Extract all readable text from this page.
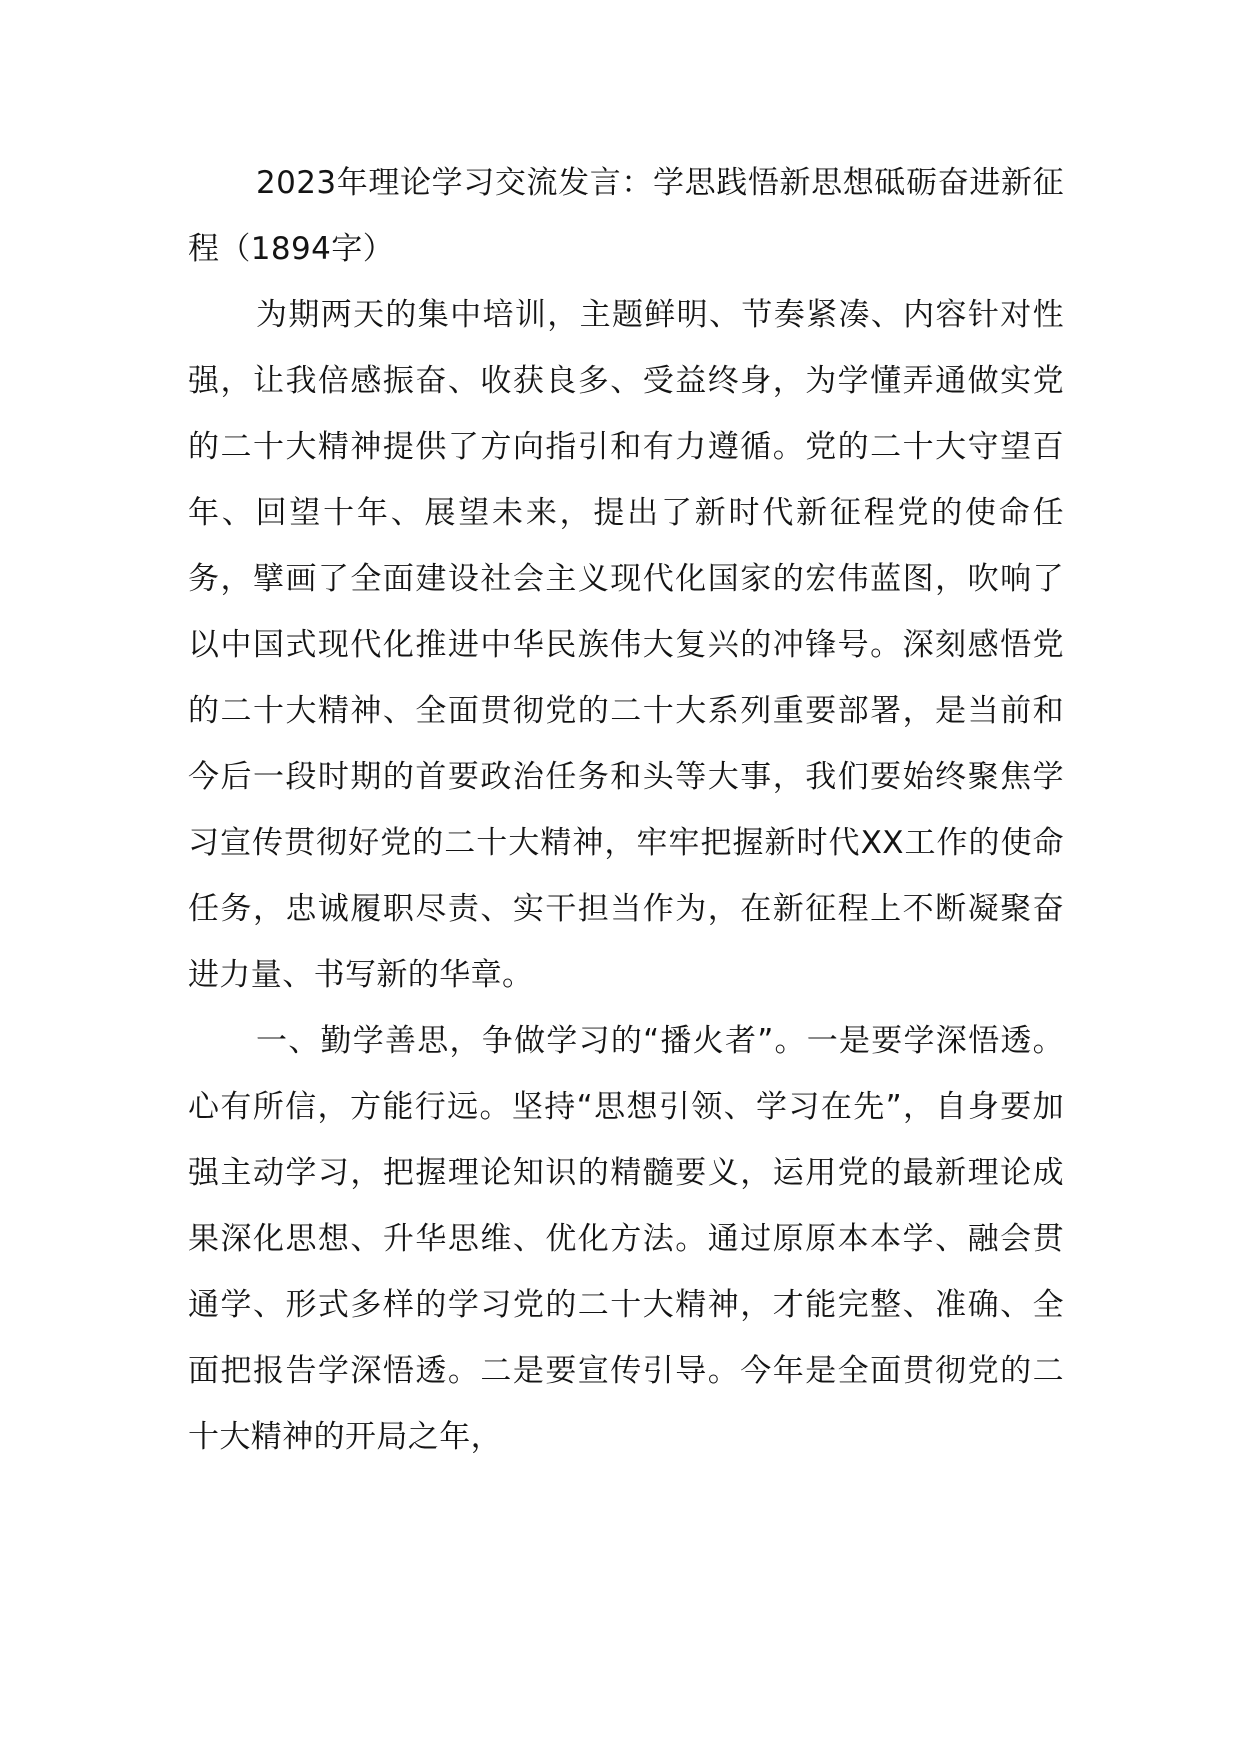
2023年理论学习交流发言：学思践悟新思想砥砺奋进新征程（1894字）

为期两天的集中培训，主题鲜明、节奏紧凑、内容针对性强，让我倍感振奋、收获良多、受益终身，为学懂弄通做实党的二十大精神提供了方向指引和有力遵循。党的二十大守望百年、回望十年、展望未来，提出了新时代新征程党的使命任务，擘画了全面建设社会主义现代化国家的宏伟蓝图，吹响了以中国式现代化推进中华民族伟大复兴的冲锋号。深刻感悟党的二十大精神、全面贯彻党的二十大系列重要部署，是当前和今后一段时期的首要政治任务和头等大事，我们要始终聚焦学习宣传贯彻好党的二十大精神，牢牢把握新时代XX工作的使命任务，忠诚履职尽责、实干担当作为，在新征程上不断凝聚奋进力量、书写新的华章。

一、勤学善思，争做学习的“播火者”。一是要学深悟透。心有所信，方能行远。坚持“思想引领、学习在先”，自身要加强主动学习，把握理论知识的精髓要义，运用党的最新理论成果深化思想、升华思维、优化方法。通过原原本本学、融会贯通学、形式多样的学习党的二十大精神，才能完整、准确、全面把报告学深悟透。二是要宣传引导。今年是全面贯彻党的二十大精神的开局之年，
